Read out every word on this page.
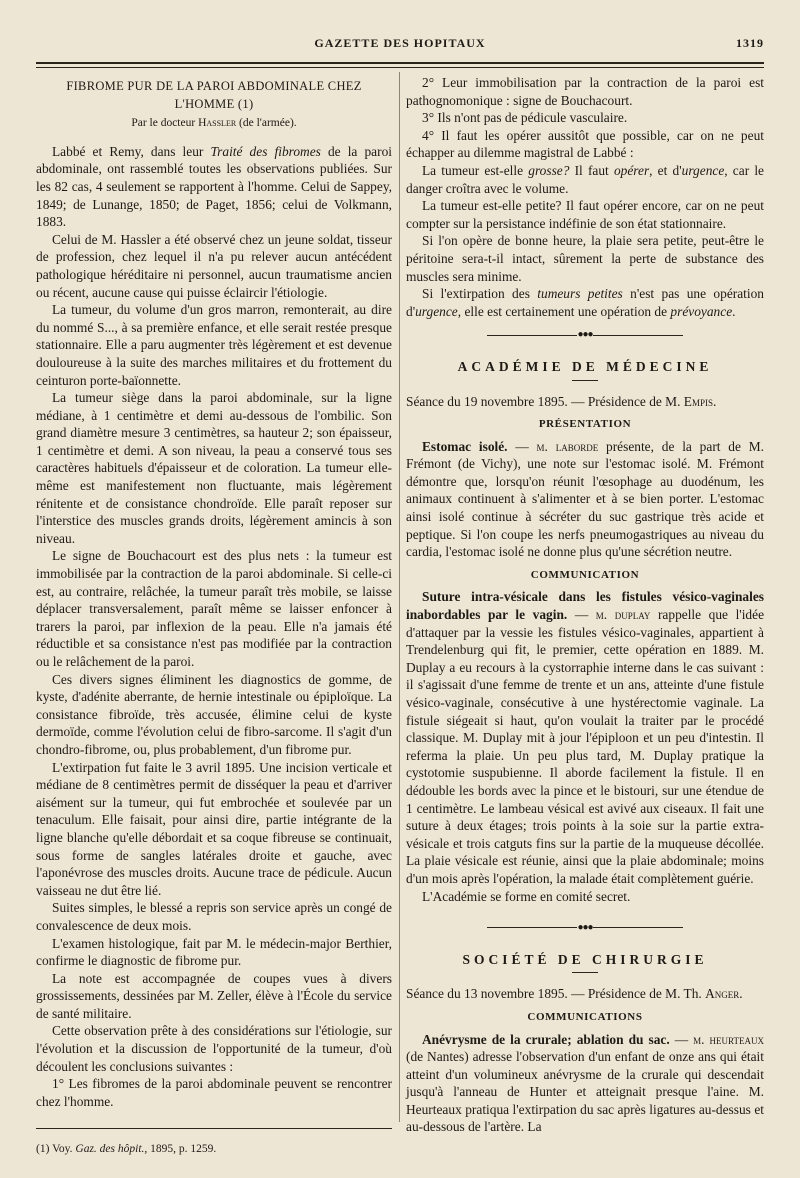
GAZETTE DES HOPITAUX	1319

FIBROME PUR DE LA PAROI ABDOMINALE CHEZ L'HOMME (1)

Par le docteur Hassler (de l'armée).

Labbé et Remy, dans leur Traité des fibromes de la paroi abdominale, ont rassemblé toutes les observations publiées. Sur les 82 cas, 4 seulement se rapportent à l'homme. Celui de Sappey, 1849; de Lunange, 1850; de Paget, 1856; celui de Volkmann, 1883.

Celui de M. Hassler a été observé chez un jeune soldat, tisseur de profession, chez lequel il n'a pu relever aucun antécédent pathologique héréditaire ni personnel, aucun traumatisme ancien ou récent, aucune cause qui puisse éclaircir l'étiologie.

La tumeur, du volume d'un gros marron, remonterait, au dire du nommé S..., à sa première enfance, et elle serait restée presque stationnaire. Elle a paru augmenter très légèrement et est devenue douloureuse à la suite des marches militaires et du frottement du ceinturon porte-baïonnette.

La tumeur siège dans la paroi abdominale, sur la ligne médiane, à 1 centimètre et demi au-dessous de l'ombilic. Son grand diamètre mesure 3 centimètres, sa hauteur 2; son épaisseur, 1 centimètre et demi. A son niveau, la peau a conservé tous ses caractères habituels d'épaisseur et de coloration. La tumeur elle-même est manifestement non fluctuante, mais légèrement rénitente et de consistance chondroïde. Elle paraît reposer sur l'interstice des muscles grands droits, légèrement amincis à son niveau.

Le signe de Bouchacourt est des plus nets : la tumeur est immobilisée par la contraction de la paroi abdominale. Si celle-ci est, au contraire, relâchée, la tumeur paraît très mobile, se laisse déplacer transversalement, paraît même se laisser enfoncer à trarers la paroi, par inflexion de la peau. Elle n'a jamais été réductible et sa consistance n'est pas modifiée par la contraction ou le relâchement de la paroi.

Ces divers signes éliminent les diagnostics de gomme, de kyste, d'adénite aberrante, de hernie intestinale ou épiploïque. La consistance fibroïde, très accusée, élimine celui de kyste dermoïde, comme l'évolution celui de fibro-sarcome. Il s'agit d'un chondro-fibrome, ou, plus probablement, d'un fibrome pur.

L'extirpation fut faite le 3 avril 1895. Une incision verticale et médiane de 8 centimètres permit de disséquer la peau et d'arriver aisément sur la tumeur, qui fut embrochée et soulevée par un tenaculum. Elle faisait, pour ainsi dire, partie intégrante de la ligne blanche qu'elle débordait et sa coque fibreuse se continuait, sous forme de sangles latérales droite et gauche, avec l'aponévrose des muscles droits. Aucune trace de pédicule. Aucun vaisseau ne dut être lié.

Suites simples, le blessé a repris son service après un congé de convalescence de deux mois.

L'examen histologique, fait par M. le médecin-major Berthier, confirme le diagnostic de fibrome pur.

La note est accompagnée de coupes vues à divers grossissements, dessinées par M. Zeller, élève à l'École du service de santé militaire.

Cette observation prête à des considérations sur l'étiologie, sur l'évolution et la discussion de l'opportunité de la tumeur, d'où découlent les conclusions suivantes :

1° Les fibromes de la paroi abdominale peuvent se rencontrer chez l'homme.

(1) Voy. Gaz. des hôpit., 1895, p. 1259.

2° Leur immobilisation par la contraction de la paroi est pathognomonique : signe de Bouchacourt.

3° Ils n'ont pas de pédicule vasculaire.

4° Il faut les opérer aussitôt que possible, car on ne peut échapper au dilemme magistral de Labbé :

La tumeur est-elle grosse? Il faut opérer, et d'urgence, car le danger croîtra avec le volume.

La tumeur est-elle petite? Il faut opérer encore, car on ne peut compter sur la persistance indéfinie de son état stationnaire.

Si l'on opère de bonne heure, la plaie sera petite, peut-être le péritoine sera-t-il intact, sûrement la perte de substance des muscles sera minime.

Si l'extirpation des tumeurs petites n'est pas une opération d'urgence, elle est certainement une opération de prévoyance.

●●●

ACADÉMIE DE MÉDECINE

Séance du 19 novembre 1895. — Présidence de M. Empis.

PRÉSENTATION

Estomac isolé. — m. laborde présente, de la part de M. Frémont (de Vichy), une note sur l'estomac isolé. M. Frémont démontre que, lorsqu'on réunit l'œsophage au duodénum, les animaux continuent à s'alimenter et à se bien porter. L'estomac ainsi isolé continue à sécréter du suc gastrique très acide et peptique. Si l'on coupe les nerfs pneumogastriques au niveau du cardia, l'estomac isolé ne donne plus qu'une sécrétion neutre.

COMMUNICATION

Suture intra-vésicale dans les fistules vésico-vaginales inabordables par le vagin. — m. duplay rappelle que l'idée d'attaquer par la vessie les fistules vésico-vaginales, appartient à Trendelenburg qui fit, le premier, cette opération en 1889. M. Duplay a eu recours à la cystorraphie interne dans le cas suivant : il s'agissait d'une femme de trente et un ans, atteinte d'une fistule vésico-vaginale, consécutive à une hystérectomie vaginale. La fistule siégeait si haut, qu'on voulait la traiter par le procédé classique. M. Duplay mit à jour l'épiploon et un peu d'intestin. Il referma la plaie. Un peu plus tard, M. Duplay pratique la cystotomie suspubienne. Il aborde facilement la fistule. Il en dédouble les bords avec la pince et le bistouri, sur une étendue de 1 centimètre. Le lambeau vésical est avivé aux ciseaux. Il fait une suture à deux étages; trois points à la soie sur la partie extra-vésicale et trois catguts fins sur la partie de la muqueuse décollée. La plaie vésicale est réunie, ainsi que la plaie abdominale; moins d'un mois après l'opération, la malade était complètement guérie.

L'Académie se forme en comité secret.

●●●

SOCIÉTÉ DE CHIRURGIE

Séance du 13 novembre 1895. — Présidence de M. Th. Anger.

COMMUNICATIONS

Anévrysme de la crurale; ablation du sac. — m. heurteaux (de Nantes) adresse l'observation d'un enfant de onze ans qui était atteint d'un volumineux anévrysme de la crurale qui descendait jusqu'à l'anneau de Hunter et atteignait presque l'aine. M. Heurteaux pratiqua l'extirpation du sac après ligatures au-dessus et au-dessous de l'artère. La
